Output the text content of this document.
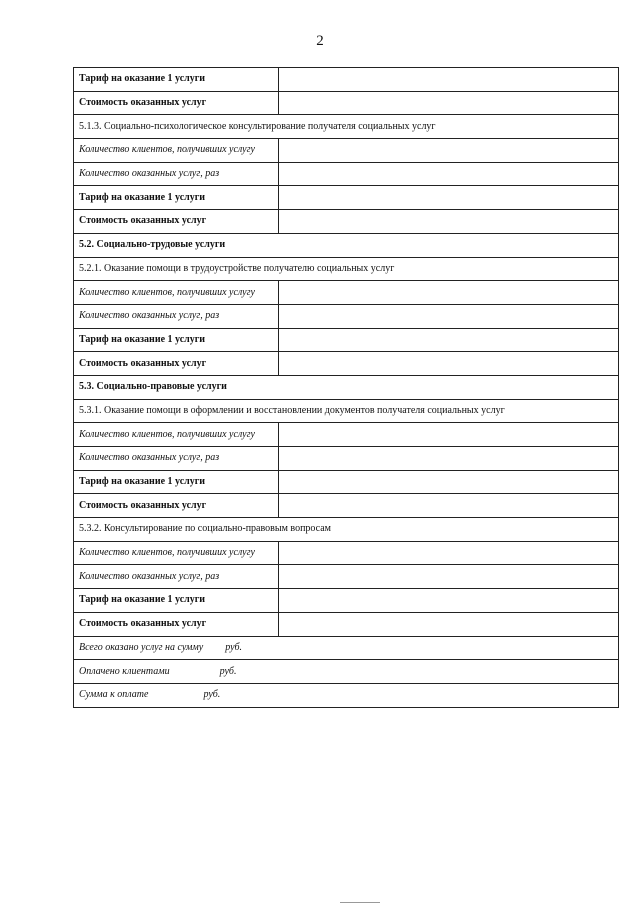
2
Тариф на оказание 1 услуги	
Стоимость оказанных услуг	
5.1.3. Социально-психологическое консультирование получателя социальных услуг	
Количество клиентов, получивших услугу	
Количество оказанных услуг, раз	
Тариф на оказание 1 услуги	
Стоимость оказанных услуг	
5.2. Социально-трудовые услуги	
5.2.1. Оказание помощи в трудоустройстве получателю социальных услуг	
Количество клиентов, получивших услугу	
Количество оказанных услуг, раз	
Тариф на оказание 1 услуги	
Стоимость оказанных услуг	
5.3. Социально-правовые услуги	
5.3.1. Оказание помощи в оформлении и восстановлении документов получателя социальных услуг	
Количество клиентов, получивших услугу	
Количество оказанных услуг, раз	
Тариф на оказание 1 услуги	
Стоимость оказанных услуг	
5.3.2. Консультирование по социально-правовым вопросам	
Количество клиентов, получивших услугу	
Количество оказанных услуг, раз	
Тариф на оказание 1 услуги	
Стоимость оказанных услуг	
Всего оказано услуг на сумму руб.	
Оплачено клиентами руб.	
Сумма к оплате руб.	
